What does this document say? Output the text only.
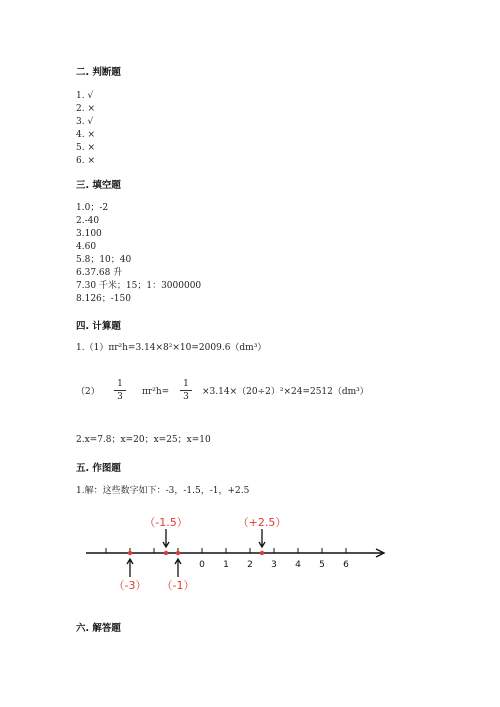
二. 判断题
1. √
2. ×
3. √
4. ×
5. ×
6. ×
三. 填空题
1.0；-2
2.-40
3.100
4.60
5.8；10；40
6.37.68 升
7.30 千米；15；1：3000000
8.126；-150
四. 计算题
1.（1）πr²h=3.14×8²×10=2009.6（dm³）
（2）
1
3	πr²h=
1
3	×3.14×（20÷2）²×24=2512（dm³）
2.x=7.8；x=20；x=25；x=10
五. 作图题
1.解：这些数字如下：-3，-1.5，-1，+2.5
0 1 2 3 4 5 6
（-1.5）	（+2.5）
（-3） （-1）
六. 解答题
